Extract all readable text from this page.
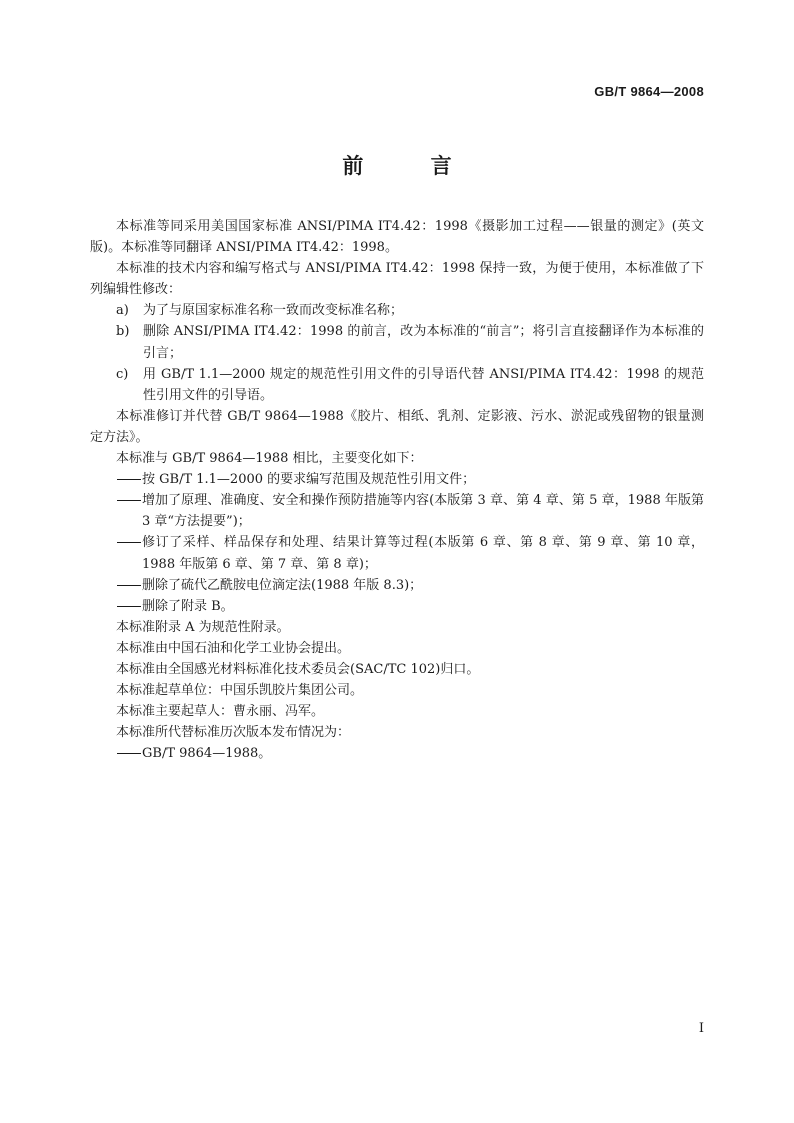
GB/T 9864—2008
前 言
本标准等同采用美国国家标准 ANSI/PIMA IT4.42：1998《摄影加工过程——银量的测定》(英文版)。本标准等同翻译 ANSI/PIMA IT4.42：1998。
本标准的技术内容和编写格式与 ANSI/PIMA IT4.42：1998 保持一致，为便于使用，本标准做了下列编辑性修改：
a) 为了与原国家标准名称一致而改变标准名称；
b) 删除 ANSI/PIMA IT4.42：1998 的前言，改为本标准的“前言”；将引言直接翻译作为本标准的引言；
c) 用 GB/T 1.1—2000 规定的规范性引用文件的引导语代替 ANSI/PIMA IT4.42：1998 的规范性引用文件的引导语。
本标准修订并代替 GB/T 9864—1988《胶片、相纸、乳剂、定影液、污水、淤泥或残留物的银量测定方法》。
本标准与 GB/T 9864—1988 相比，主要变化如下：
按 GB/T 1.1—2000 的要求编写范围及规范性引用文件；
增加了原理、准确度、安全和操作预防措施等内容(本版第 3 章、第 4 章、第 5 章，1988 年版第 3 章“方法提要”)；
修订了采样、样品保存和处理、结果计算等过程(本版第 6 章、第 8 章、第 9 章、第 10 章，1988 年版第 6 章、第 7 章、第 8 章)；
删除了硫代乙酰胺电位滴定法(1988 年版 8.3)；
删除了附录 B。
本标准附录 A 为规范性附录。
本标准由中国石油和化学工业协会提出。
本标准由全国感光材料标准化技术委员会(SAC/TC 102)归口。
本标准起草单位：中国乐凯胶片集团公司。
本标准主要起草人：曹永丽、冯军。
本标准所代替标准历次版本发布情况为：
GB/T 9864—1988。
I
